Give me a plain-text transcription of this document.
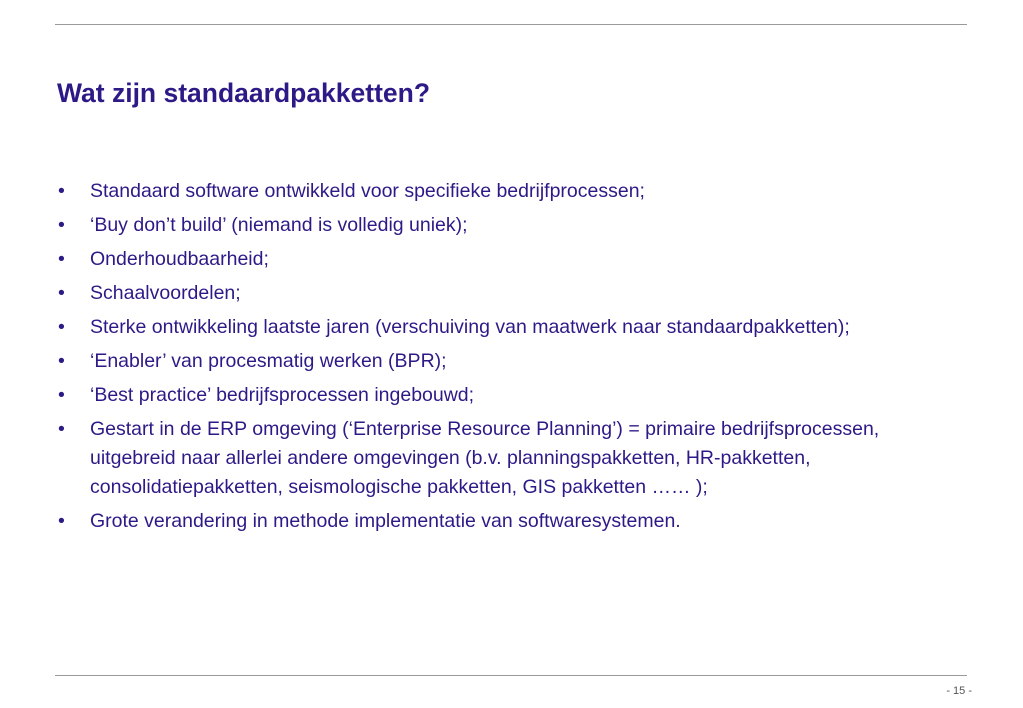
Wat zijn standaardpakketten?
• Standaard software ontwikkeld voor specifieke bedrijfprocessen;
• ‘Buy don’t build’ (niemand is volledig uniek);
• Onderhoudbaarheid;
• Schaalvoordelen;
• Sterke ontwikkeling laatste jaren (verschuiving van maatwerk naar standaardpakketten);
• ‘Enabler’ van procesmatig werken (BPR);
• ‘Best practice’ bedrijfsprocessen ingebouwd;
• Gestart in de ERP omgeving (‘Enterprise Resource Planning’) = primaire bedrijfsprocessen, uitgebreid naar allerlei andere omgevingen (b.v. planningspakketten, HR-pakketten, consolidatiepakketten, seismologische pakketten, GIS pakketten …… );
• Grote verandering in methode implementatie van softwaresystemen.
- 15 -
